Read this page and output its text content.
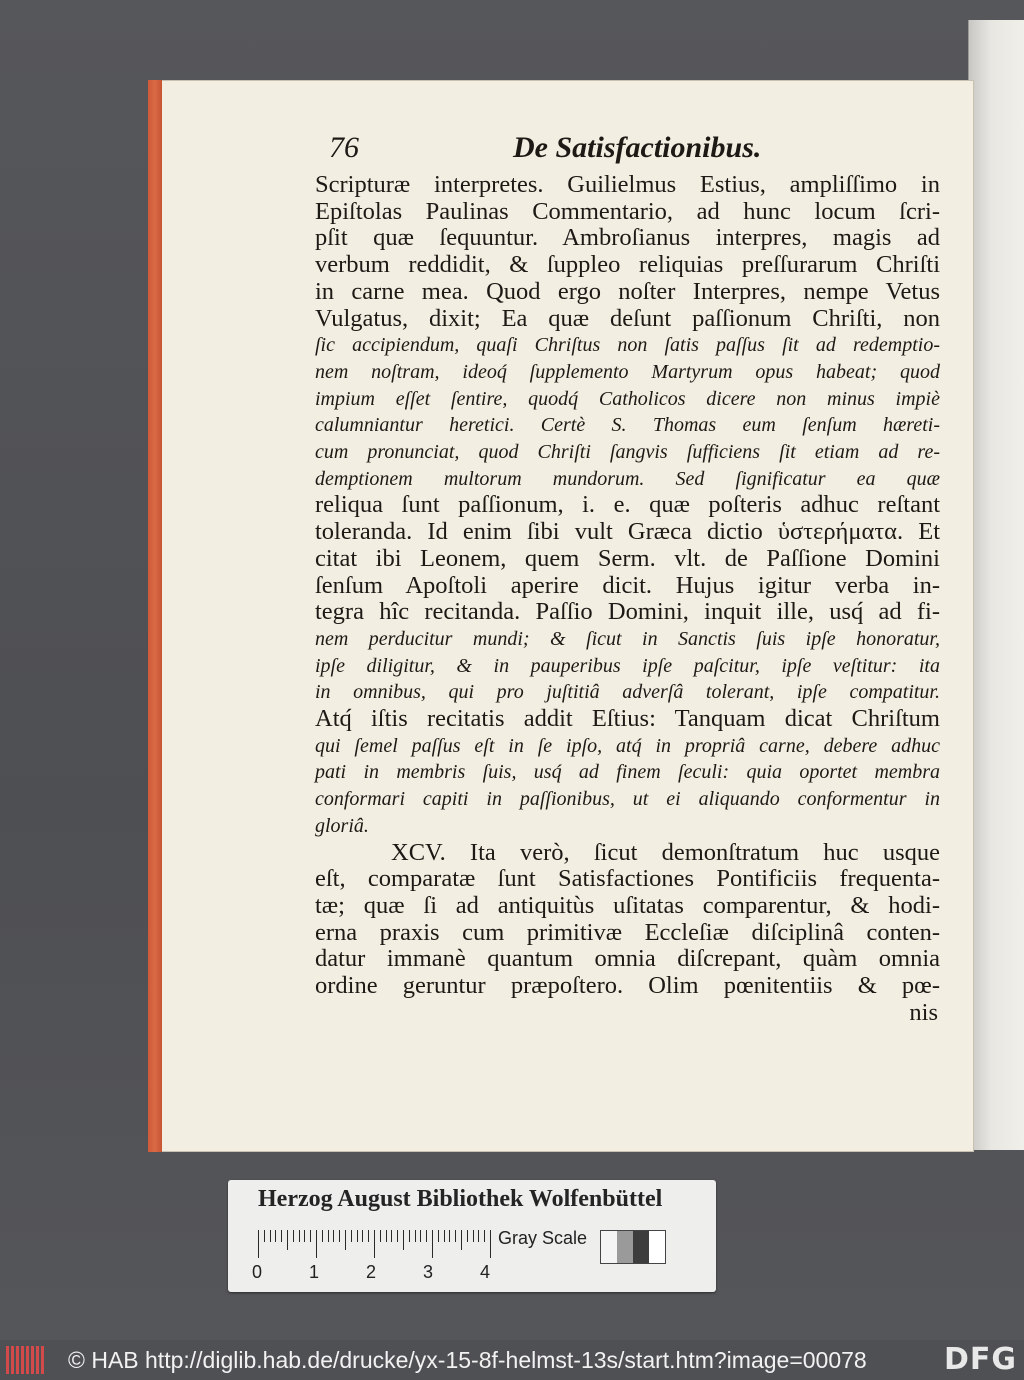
76	De Satisfactionibus.
Scripturæ interpretes. Guilielmus Estius, ampliſſimo in
Epiſtolas Paulinas Commentario, ad hunc locum ſcri-
pſit quæ ſequuntur. Ambroſianus interpres, magis ad
verbum reddidit, & ſuppleo reliquias preſſurarum Chriſti
in carne mea. Quod ergo noſter Interpres, nempe Vetus
Vulgatus, dixit; Ea quæ deſunt paſſionum Chriſti, non
ſic accipiendum, quaſi Chriſtus non ſatis paſſus ſit ad redemptio-
nem noſtram, ideoq́ ſupplemento Martyrum opus habeat; quod
impium eſſet ſentire, quodq́ Catholicos dicere non minus impiè
calumniantur heretici. Certè S. Thomas eum ſenſum hæreti-
cum pronunciat, quod Chriſti ſangvis ſufficiens ſit etiam ad re-
demptionem multorum mundorum. Sed ſignificatur ea quæ
reliqua ſunt paſſionum, i. e. quæ poſteris adhuc reſtant
toleranda. Id enim ſibi vult Græca dictio ὑστερήματα. Et
citat ibi Leonem, quem Serm. vlt. de Paſſione Domini
ſenſum Apoſtoli aperire dicit. Hujus igitur verba in-
tegra hîc recitanda. Paſſio Domini, inquit ille, usq́ ad fi-
nem perducitur mundi; & ſicut in Sanctis ſuis ipſe honoratur,
ipſe diligitur, & in pauperibus ipſe paſcitur, ipſe veſtitur: ita
in omnibus, qui pro juſtitiâ adverſâ tolerant, ipſe compatitur.
Atq́ iſtis recitatis addit Eſtius: Tanquam dicat Chriſtum
qui ſemel paſſus eſt in ſe ipſo, atq́ in propriâ carne, debere adhuc
pati in membris ſuis, usq́ ad finem ſeculi: quia oportet membra
conformari capiti in paſſionibus, ut ei aliquando conformentur in
gloriâ.
XCV. Ita verò, ſicut demonſtratum huc usque
eſt, comparatæ ſunt Satisfactiones Pontificiis frequenta-
tæ; quæ ſi ad antiquitùs uſitatas comparentur, & hodi-
erna praxis cum primitivæ Eccleſiæ diſciplinâ conten-
datur immanè quantum omnia diſcrepant, quàm omnia
ordine geruntur præpoſtero. Olim pœnitentiis & pœ-
nis
Herzog August Bibliothek Wolfenbüttel
0	1	2	3	4
Gray Scale
© HAB http://diglib.hab.de/drucke/yx-15-8f-helmst-13s/start.htm?image=00078	DFG
